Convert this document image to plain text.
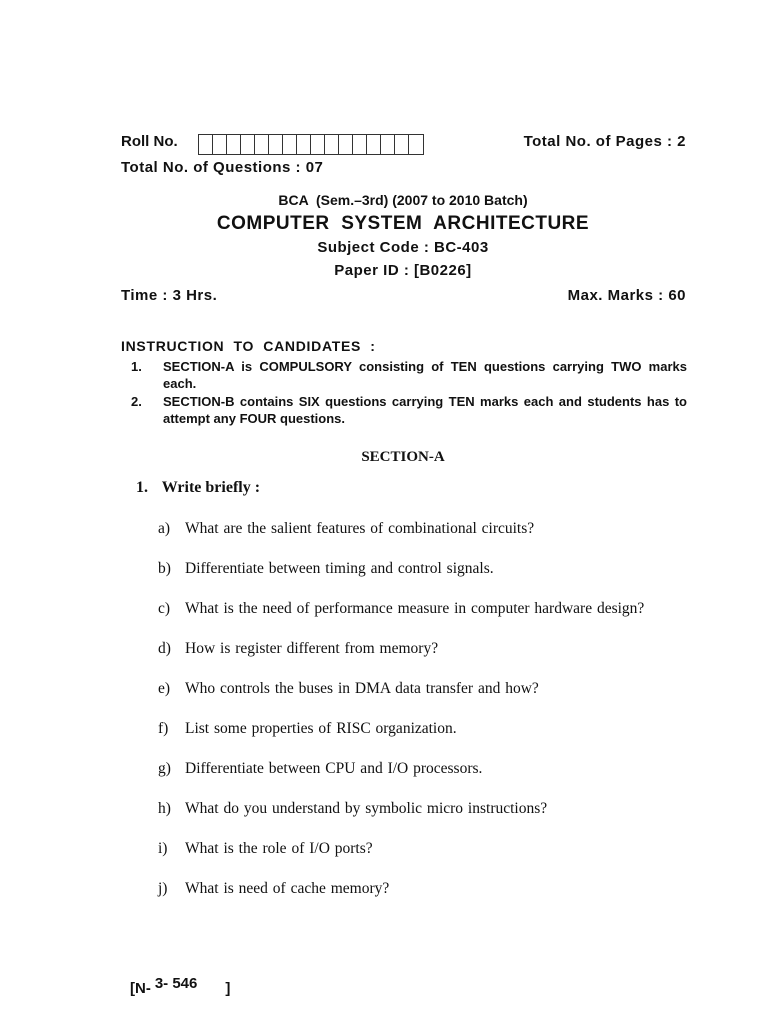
Roll No.	Total No. of Pages : 2
Total No. of Questions : 07
BCA  (Sem.–3rd) (2007 to 2010 Batch)
COMPUTER  SYSTEM  ARCHITECTURE
Subject Code : BC-403
Paper ID : [B0226]
Time : 3 Hrs.	Max. Marks : 60
INSTRUCTION  TO  CANDIDATES  :
1.	SECTION-A is COMPULSORY consisting of TEN questions carrying TWO marks each.
2.	SECTION-B contains SIX questions carrying TEN marks each and students has to attempt any FOUR questions.
SECTION-A
1. Write briefly :
a) What are the salient features of combinational circuits?
b) Differentiate between timing and control signals.
c) What is the need of performance measure in computer hardware design?
d) How is register different from memory?
e) Who controls the buses in DMA data transfer and how?
f)	List some properties of RISC organization.
g) Differentiate between CPU and I/O processors.
h) What do you understand by symbolic micro instructions?
i)	What is the role of I/O ports?
j)	What is need of cache memory?
[N- 3- 546 ]
